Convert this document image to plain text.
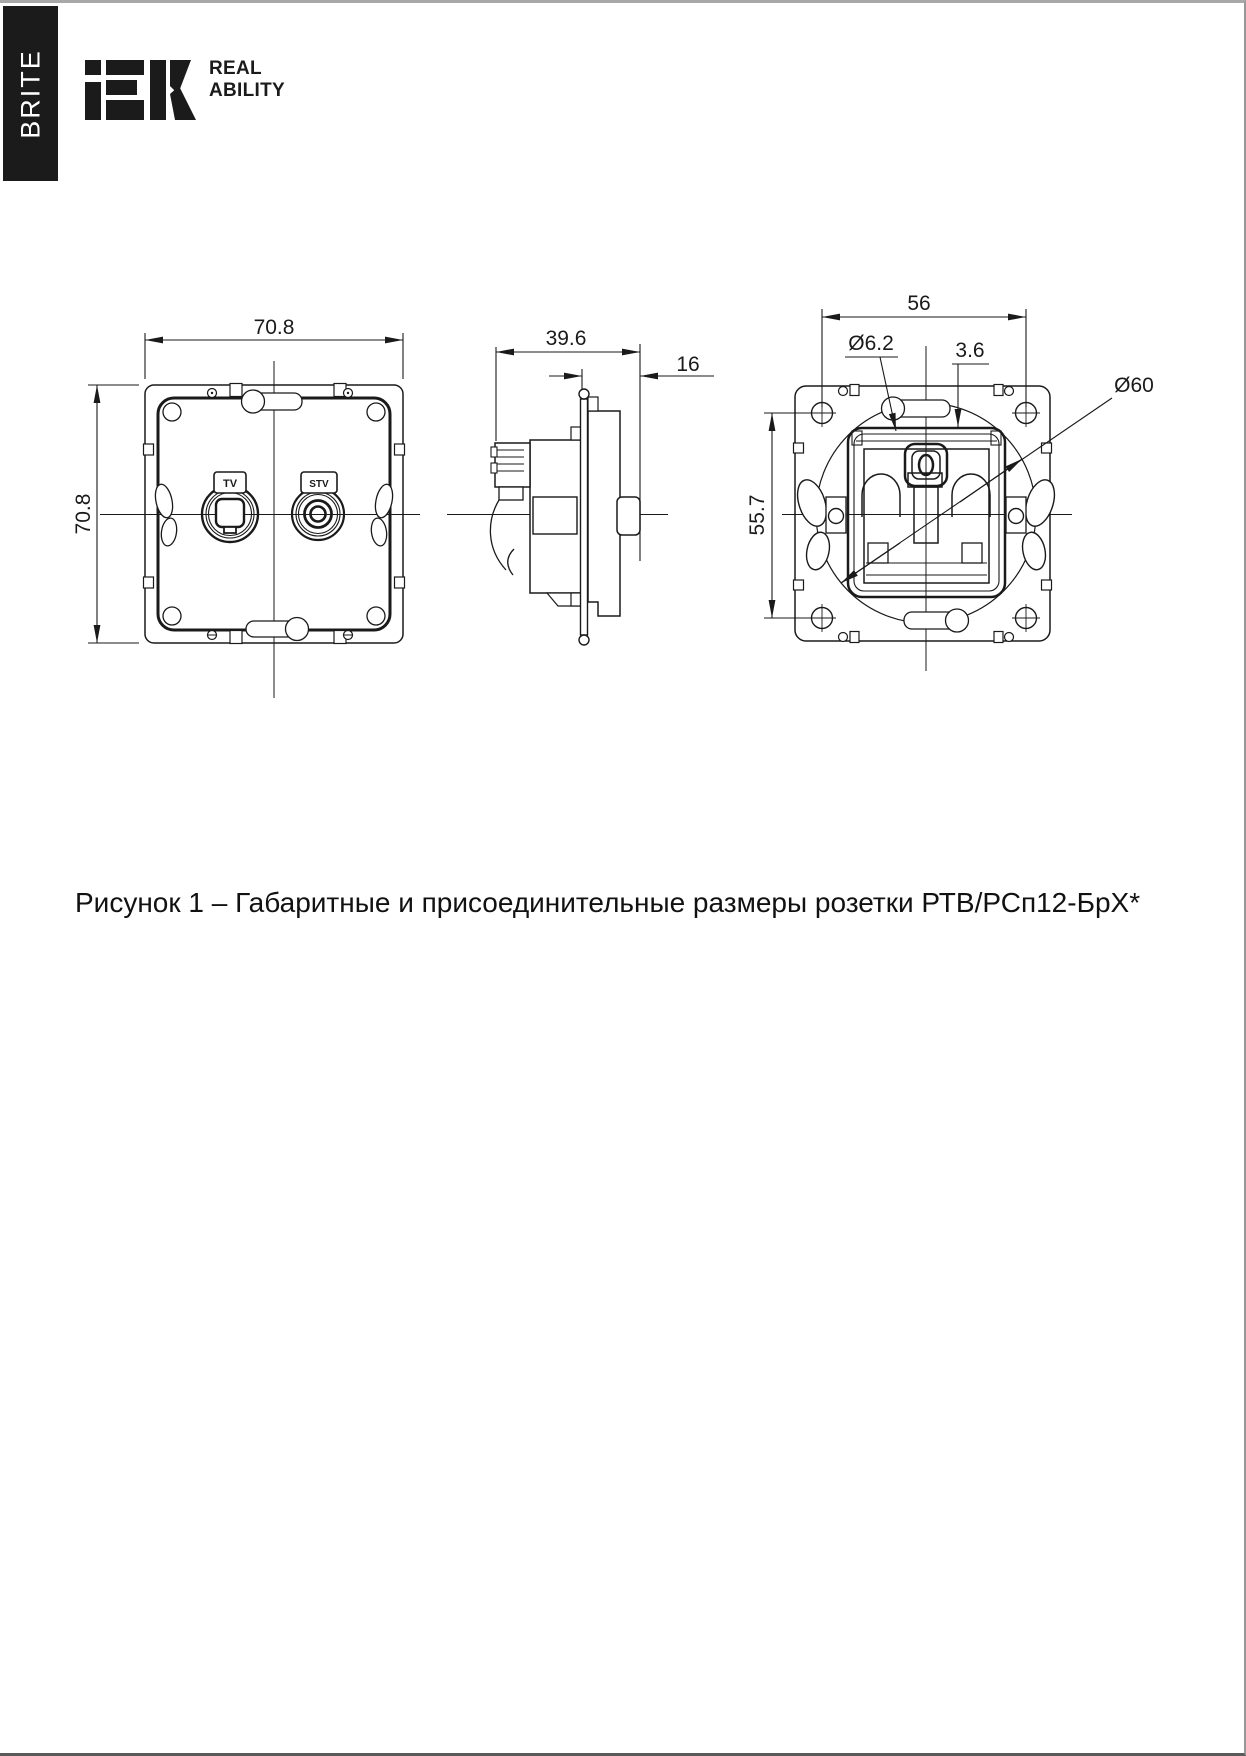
BRITE	REAL
ABILITY
TV	STV
70.8
70.8
39.6
16
56
Ø6.2	3.6
Ø60
55.7
Рисунок 1 – Габаритные и присоединительные размеры розетки РТВ/РСп12-БрХ*
